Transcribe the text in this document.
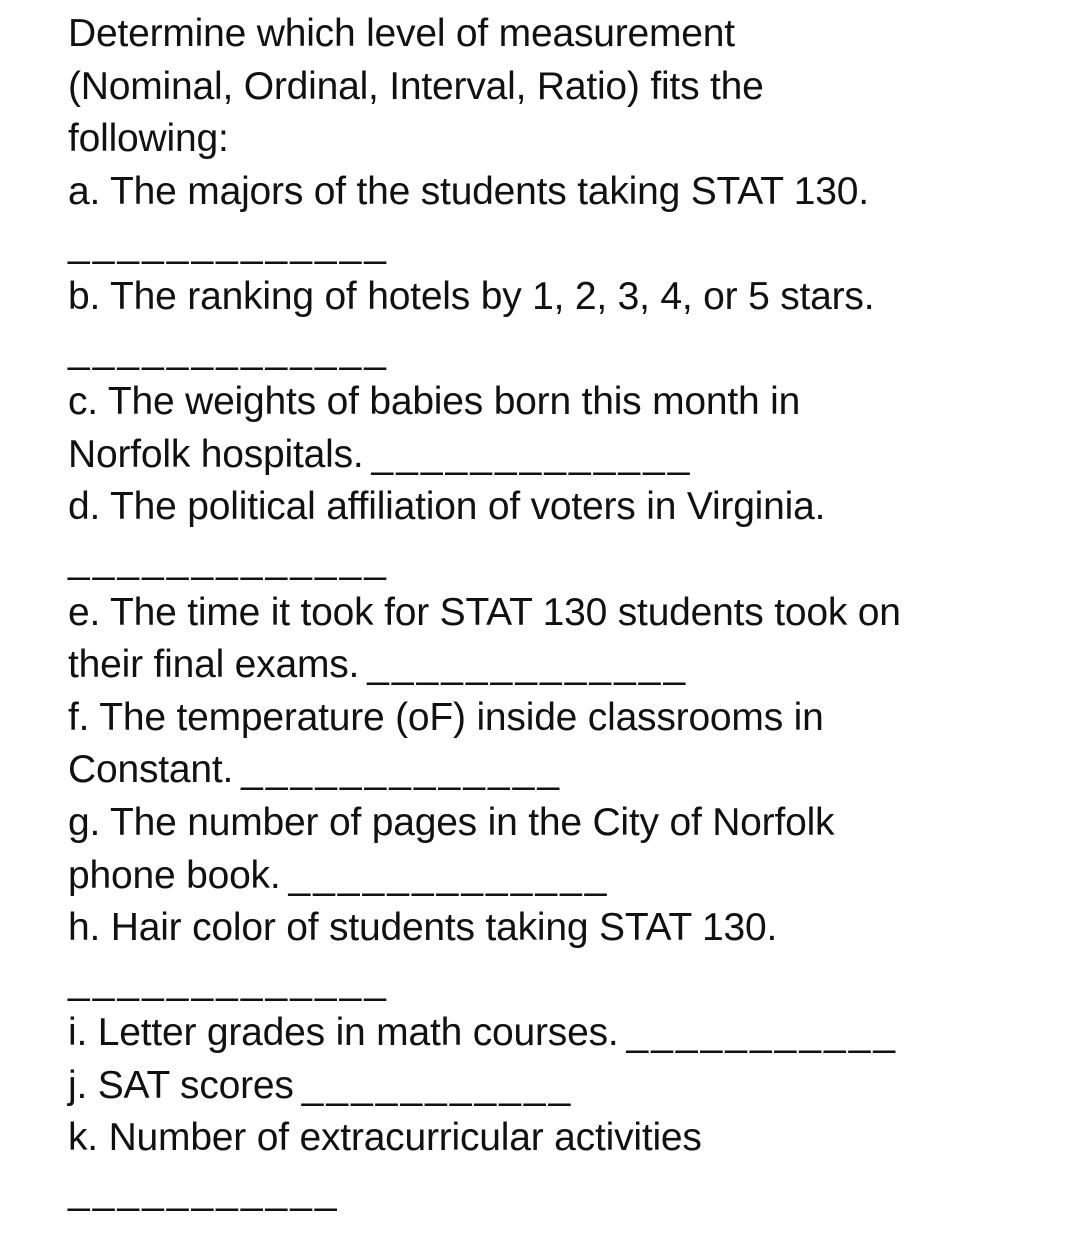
Determine which level of measurement
(Nominal, Ordinal, Interval, Ratio) fits the
following:
a. The majors of the students taking STAT 130.
_____________
b. The ranking of hotels by 1, 2, 3, 4, or 5 stars.
_____________
c. The weights of babies born this month in
Norfolk hospitals. _____________
d. The political affiliation of voters in Virginia.
_____________
e. The time it took for STAT 130 students took on
their final exams. _____________
f. The temperature (oF) inside classrooms in
Constant. _____________
g. The number of pages in the City of Norfolk
phone book. _____________
h. Hair color of students taking STAT 130.
_____________
i. Letter grades in math courses. ___________
j. SAT scores ___________
k. Number of extracurricular activities
___________
